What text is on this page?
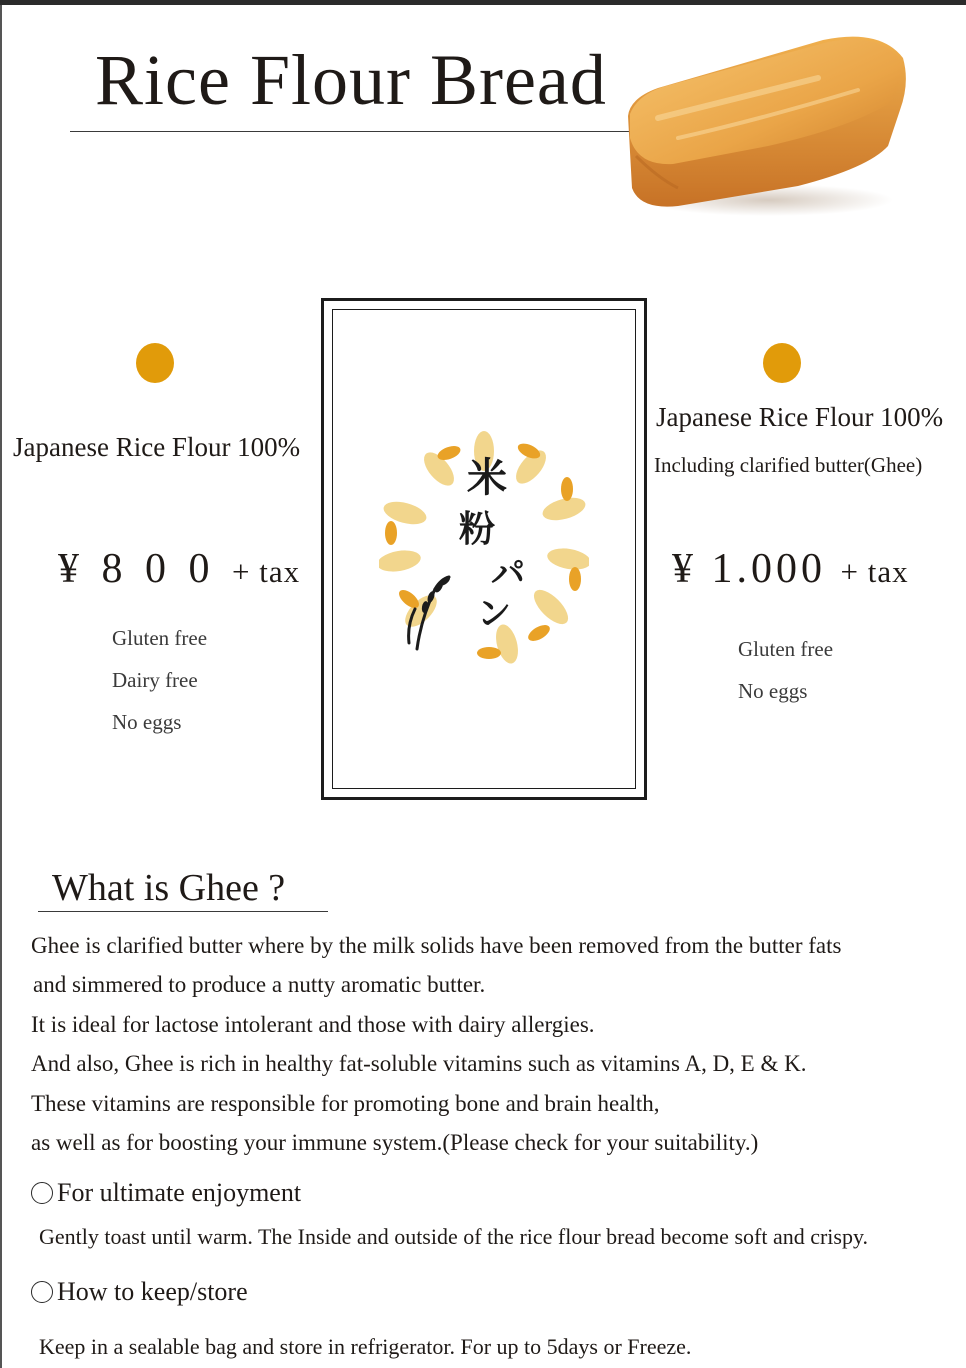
Rice Flour Bread
Japanese Rice Flour 100%
¥ 8 0 0 + tax
Gluten free
Dairy free
No eggs
Japanese Rice Flour 100%
Including clarified butter(Ghee)
¥ 1.000 + tax
Gluten free
No eggs
米
粉
パ
ン
What is Ghee ?
Ghee is clarified butter where by the milk solids have been removed from the butter fats
and simmered to produce a nutty aromatic butter.
It is ideal for lactose intolerant and those with dairy allergies.
And also, Ghee is rich in healthy fat-soluble vitamins such as vitamins A, D, E & K.
These vitamins are responsible for promoting bone and brain health,
as well as for boosting your immune system.(Please check for your suitability.)
For ultimate enjoyment
Gently toast until warm. The Inside and outside of the rice flour bread become soft and crispy.
How to keep/store
Keep in a sealable bag and store in refrigerator. For up to 5days or Freeze.
